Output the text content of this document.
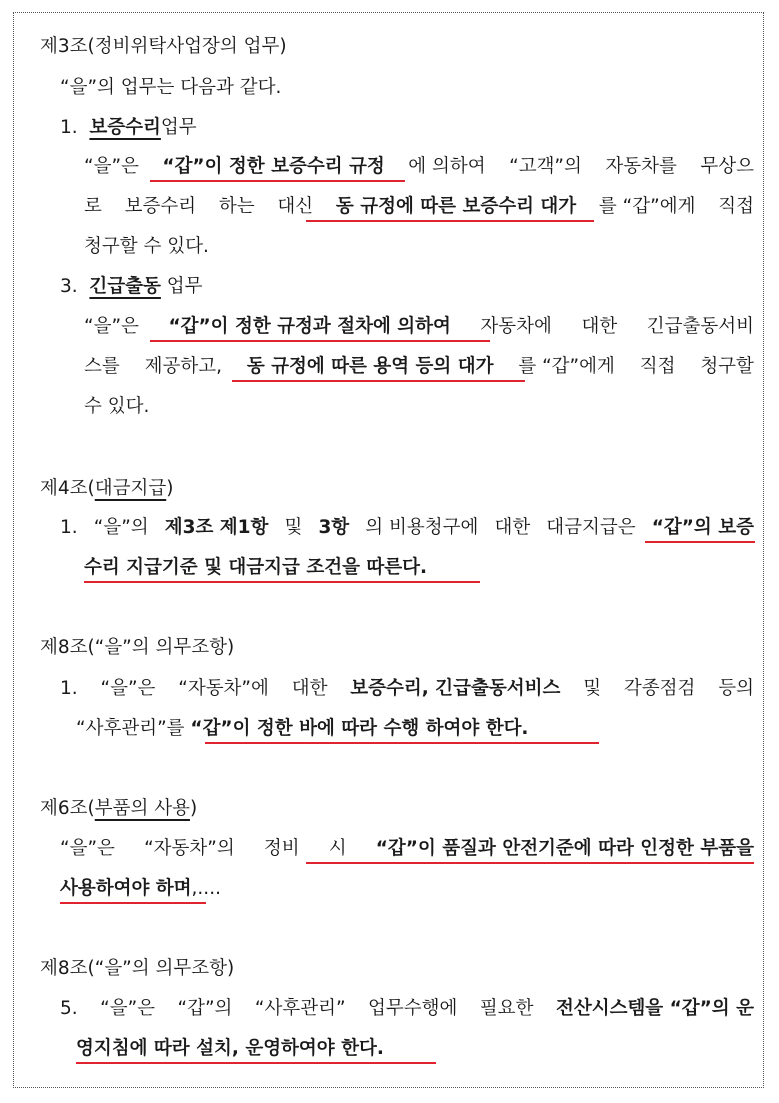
제3조(정비위탁사업장의 업무)
“을”의 업무는 다음과 같다.
1. 보증수리업무
“을”은 “갑”이 정한 보증수리 규정 에 의하여 “고객”의 자동차를 무상으
로 보증수리 하는 대신 동 규정에 따른 보증수리 대가 를 “갑”에게 직접
청구할 수 있다.
3. 긴급출동 업무
“을”은 “갑”이 정한 규정과 절차에 의하여 자동차에 대한 긴급출동서비
스를 제공하고, 동 규정에 따른 용역 등의 대가 를 “갑”에게 직접 청구할
수 있다.
제4조(대금지급)
1. “을”의 제3조 제1항 및 3항 의 비용청구에 대한 대금지급은 “갑”의 보증
수리 지급기준 및 대금지급 조건을 따른다.
제8조(“을”의 의무조항)
1. “을”은 “자동차”에 대한 보증수리, 긴급출동서비스 및 각종점검 등의
“사후관리”를 “갑”이 정한 바에 따라 수행 하여야 한다.
제6조(부품의 사용)
“을”은 “자동차”의 정비 시 “갑”이 품질과 안전기준에 따라 인정한 부품을
사용하여야 하며,....
제8조(“을”의 의무조항)
5. “을”은 “갑”의 “사후관리” 업무수행에 필요한 전산시스템을 “갑”의 운
영지침에 따라 설치, 운영하여야 한다.
